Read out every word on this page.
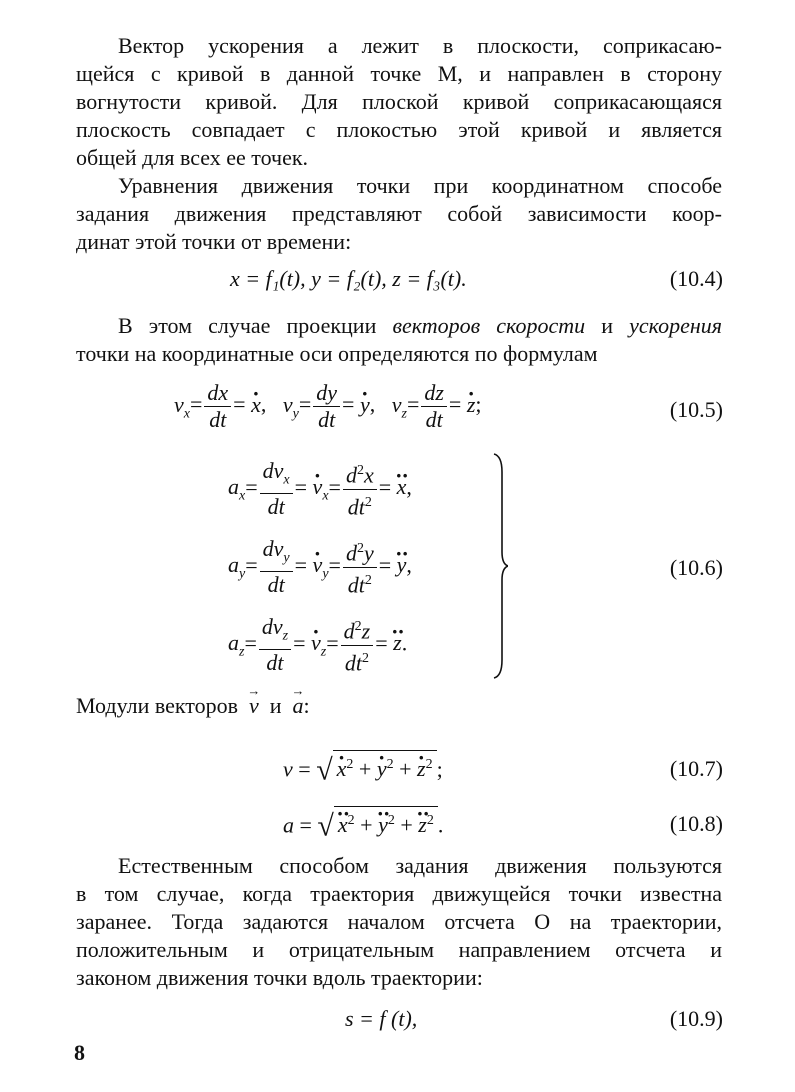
Вектор ускорения a лежит в плоскости, соприкасаю-
щейся с кривой в данной точке M, и направлен в сторону
вогнутости кривой. Для плоской кривой соприкасающаяся
плоскость совпадает с плокостью этой кривой и является
общей для всех ее точек.
Уравнения движения точки при координатном способе
задания движения представляют собой зависимости коор-
динат этой точки от времени:
x = f₁(t), y = f₂(t), z = f₃(t).	(10.4)
В этом случае проекции векторов скорости и ускорения
точки на координатные оси определяются по формулам
$v_x= \frac{dx}{dt} = x$ ·,   $v_y= \frac{dy}{dt} = y$ ·,   $v_z= \frac{dz}{dt} = z$ ·;	(10.5)
$a_x= \frac{dv_x}{dt} = v \cdot_x= \frac{d^2x}{dt^2} = x$ ··,
$a_y= \frac{dv_y}{dt} = v \cdot_y= \frac{d^2y}{dt^2} = y$ ··,
$a_z= \frac{dv_z}{dt} = v \cdot_z= \frac{d^2z}{dt^2} = z$ ··.
(10.6)
Модули векторов v → и a →:
v = √ x ·$^2$ + y ·$^2$ + z ·$^2$ ;	(10.7)
a = √ x ··$^2$ + y ··$^2$ + z ··$^2$ .	(10.8)
Естественным способом задания движения пользуются
в том случае, когда траектория движущейся точки известна
заранее. Тогда задаются началом отсчета O на траектории,
положительным и отрицательным направлением отсчета и
законом движения точки вдоль траектории:
s = f (t),	(10.9)
8
